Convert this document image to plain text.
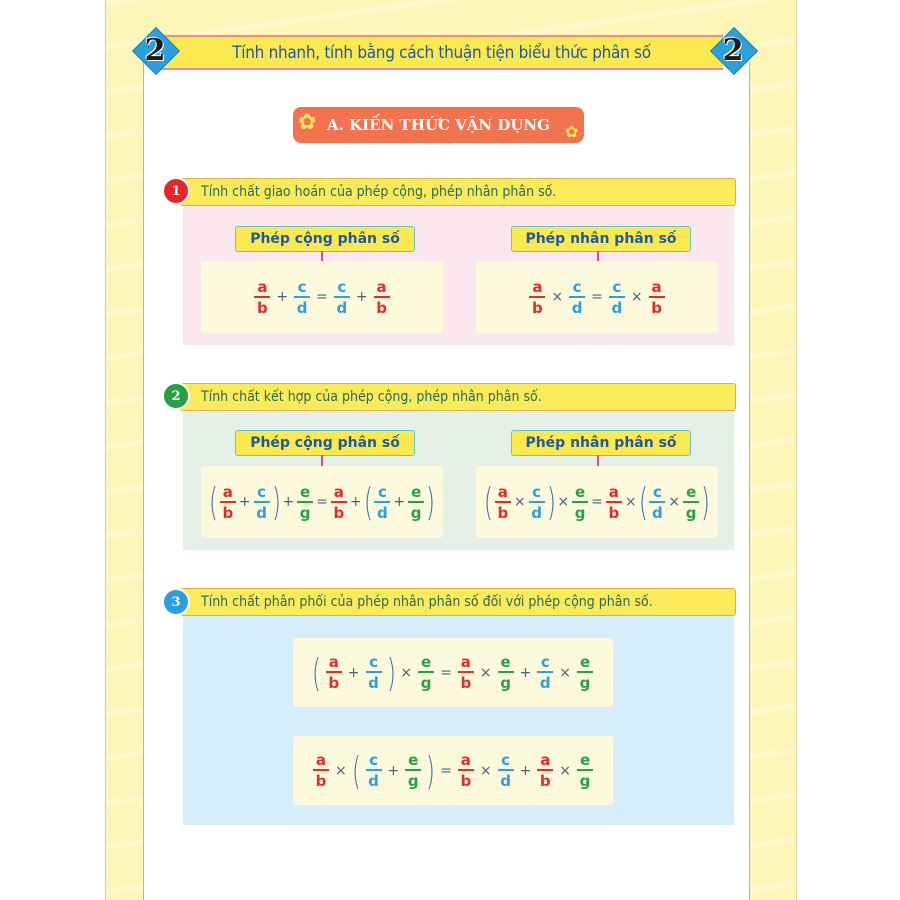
Tính nhanh, tính bằng cách thuận tiện biểu thức phân số
2	2
A. KIẾN THỨC VẬN DỤNG
✿	✿
Tính chất giao hoán của phép cộng, phép nhân phân số.
1
Phép cộng phân số
$\frac{a}{b} + \frac{c}{d} = \frac{c}{d} + \frac{a}{b}$
Phép nhân phân số
$\frac{a}{b} \times \frac{c}{d} = \frac{c}{d} \times \frac{a}{b}$
Tính chất kết hợp của phép cộng, phép nhân phân số.
2
Phép cộng phân số
( $\frac{a}{b} + \frac{c}{d}$ ) + $\frac{e}{g} = \frac{a}{b}$ + ( $\frac{c}{d} + \frac{e}{g}$ )
Phép nhân phân số
( $\frac{a}{b} \times \frac{c}{d}$ ) × $\frac{e}{g} = \frac{a}{b}$ × ( $\frac{c}{d} \times \frac{e}{g}$ )
Tính chất phân phối của phép nhân phân số đối với phép cộng phân số.
3
( $\frac{a}{b} + \frac{c}{d}$ ) × $\frac{e}{g} = \frac{a}{b} \times \frac{e}{g} + \frac{c}{d} \times \frac{e}{g}$
$\frac{a}{b}$ × ( $\frac{c}{d} + \frac{e}{g}$ ) = $\frac{a}{b} \times \frac{c}{d} + \frac{a}{b} \times \frac{e}{g}$
